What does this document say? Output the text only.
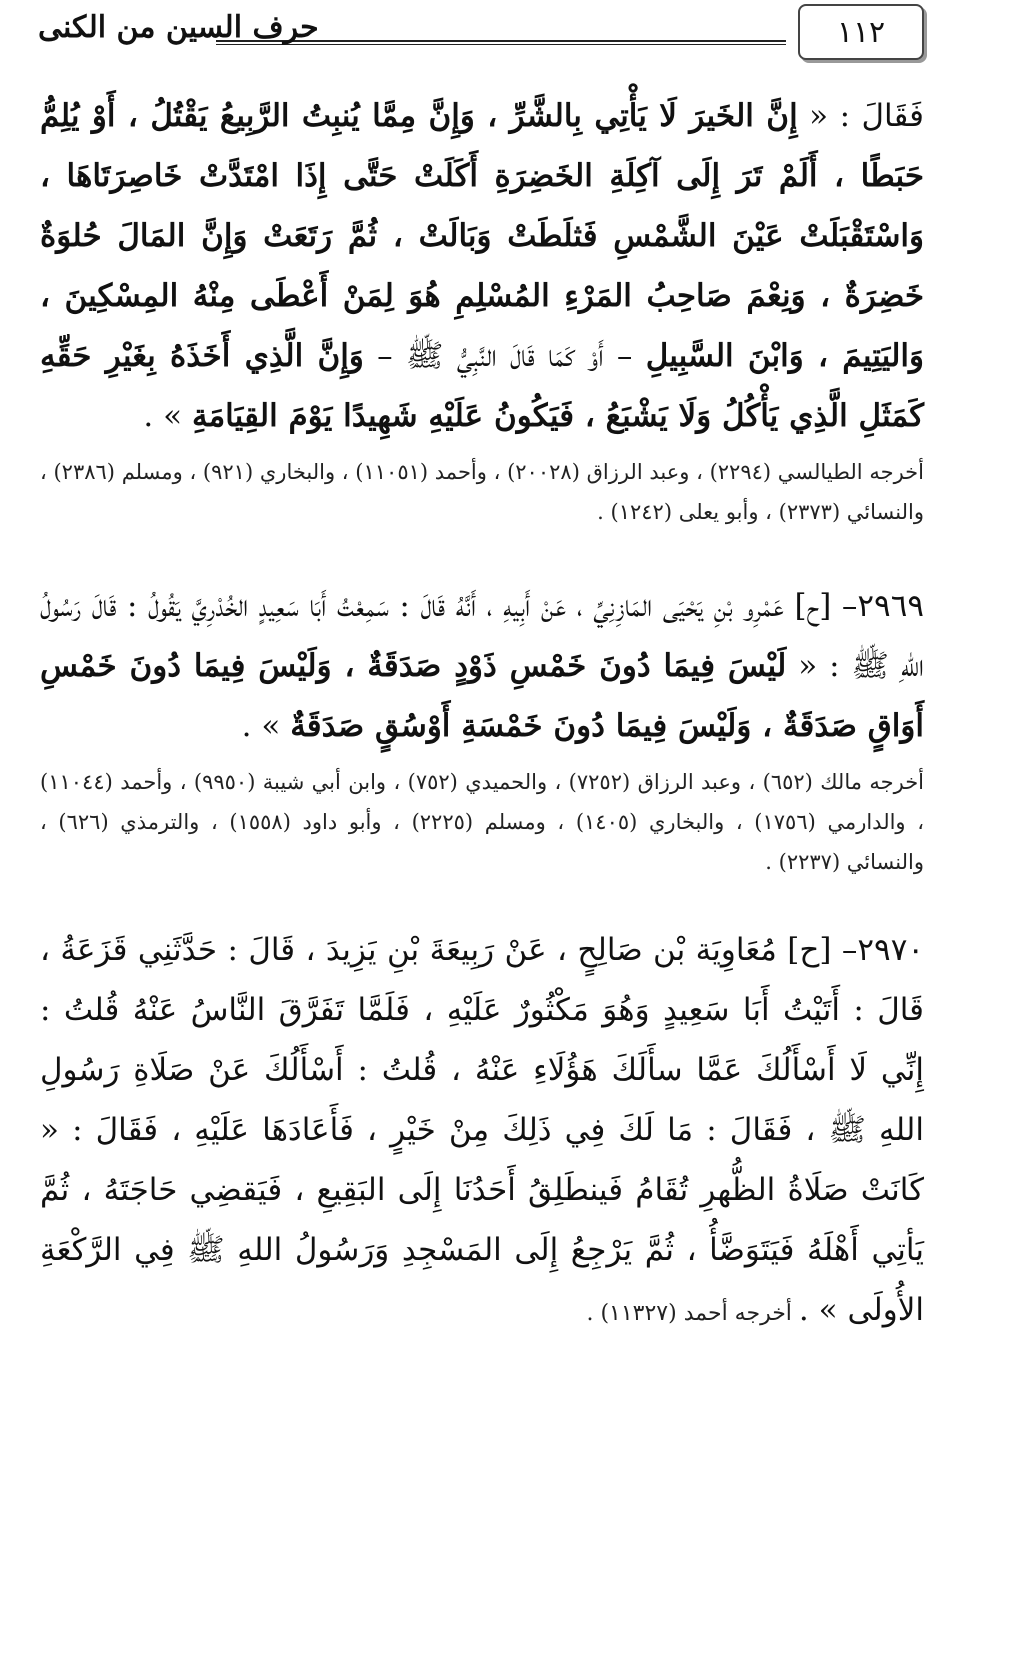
١١٢
حرف السين من الكنى

فَقَالَ : « إِنَّ الخَيرَ لَا يَأْتِي بِالشَّرِّ ، وَإِنَّ مِمَّا يُنبِتُ الرَّبِيعُ يَقْتُلُ ، أَوْ يُلِمُّ حَبَطًا ، أَلَمْ تَرَ إِلَى آكِلَةِ الخَضِرَةِ أَكَلَتْ حَتَّى إِذَا امْتَدَّتْ خَاصِرَتَاهَا ، وَاسْتَقْبَلَتْ عَيْنَ الشَّمْسِ فَثلَطَتْ وَبَالَتْ ، ثُمَّ رَتَعَتْ وَإِنَّ المَالَ حُلوَةٌ خَضِرَةٌ ، وَنِعْمَ صَاحِبُ المَرْءِ المُسْلِمِ هُوَ لِمَنْ أَعْطَى مِنْهُ المِسْكِينَ ، وَاليَتِيمَ ، وَابْنَ السَّبِيلِ – أَوْ كَمَا قَالَ النَّبِيُّ ﷺ – وَإِنَّ الَّذِي أَخَذَهُ بِغَيْرِ حَقِّهِ كَمَثَلِ الَّذِي يَأْكُلُ وَلَا يَشْبَعُ ، فَيَكُونُ عَلَيْهِ شَهِيدًا يَوْمَ القِيَامَةِ » .

أخرجه الطيالسي (٢٢٩٤) ، وعبد الرزاق (٢٠٠٢٨) ، وأحمد (١١٠٥١) ، والبخاري (٩٢١) ، ومسلم (٢٣٨٦) ، والنسائي (٢٣٧٣) ، وأبو يعلى (١٢٤٢) .

٢٩٦٩– [ح] عَمْرِو بْنِ يَحْيَى المَازِنِيِّ ، عَنْ أَبِيهِ ، أَنَّهُ قَالَ : سَمِعْتُ أَبَا سَعِيدٍ الخُدْرِيَّ يَقُولُ : قَالَ رَسُولُ اللهِ ﷺ : « لَيْسَ فِيمَا دُونَ خَمْسِ ذَوْدٍ صَدَقَةٌ ، وَلَيْسَ فِيمَا دُونَ خَمْسِ أَوَاقٍ صَدَقَةٌ ، وَلَيْسَ فِيمَا دُونَ خَمْسَةِ أَوْسُقٍ صَدَقَةٌ » .

أخرجه مالك (٦٥٢) ، وعبد الرزاق (٧٢٥٢) ، والحميدي (٧٥٢) ، وابن أبي شيبة (٩٩٥٠) ، وأحمد (١١٠٤٤) ، والدارمي (١٧٥٦) ، والبخاري (١٤٠٥) ، ومسلم (٢٢٢٥) ، وأبو داود (١٥٥٨) ، والترمذي (٦٢٦) ، والنسائي (٢٢٣٧) .

٢٩٧٠– [ح] مُعَاوِيَة بْن صَالِحٍ ، عَنْ رَبِيعَةَ بْنِ يَزِيدَ ، قَالَ : حَدَّثَنِي قَزَعَةُ ، قَالَ : أَتَيْتُ أَبَا سَعِيدٍ وَهُوَ مَكْثُورٌ عَلَيْهِ ، فَلَمَّا تَفَرَّقَ النَّاسُ عَنْهُ قُلتُ : إِنِّي لَا أَسْأَلُكَ عَمَّا سأَلَكَ هَؤُلَاءِ عَنْهُ ، قُلتُ : أَسْأَلُكَ عَنْ صَلَاةِ رَسُولِ اللهِ ﷺ ، فَقَالَ : مَا لَكَ فِي ذَلِكَ مِنْ خَيْرٍ ، فَأَعَادَهَا عَلَيْهِ ، فَقَالَ : « كَانَتْ صَلَاةُ الظُّهرِ تُقَامُ فَينطَلِقُ أَحَدُنَا إِلَى البَقِيعِ ، فَيَقضِي حَاجَتَهُ ، ثُمَّ يَأتِي أَهْلَهُ فَيَتَوَضَّأُ ، ثُمَّ يَرْجِعُ إِلَى المَسْجِدِ وَرَسُولُ اللهِ ﷺ فِي الرَّكْعَةِ الأُولَى » . أخرجه أحمد (١١٣٢٧) .
